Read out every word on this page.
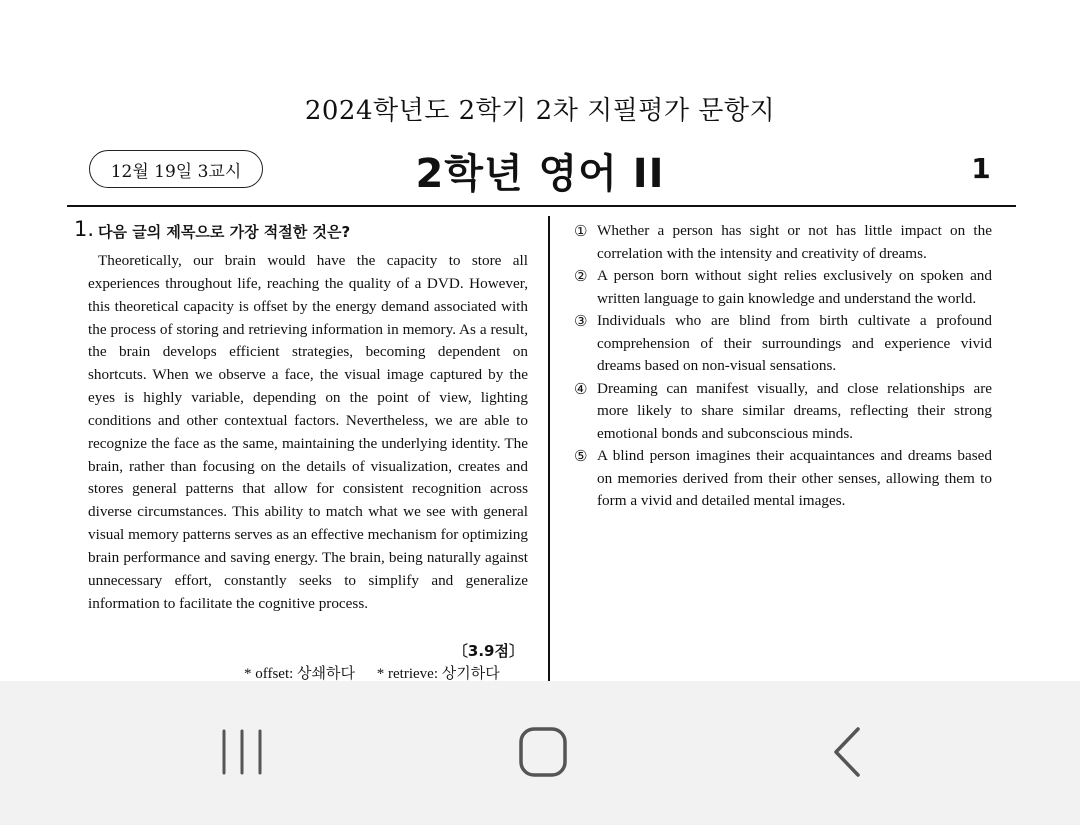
2024학년도 2학기 2차 지필평가 문항지
12월 19일 3교시	2학년 영어 II	1
1. 다음 글의 제목으로 가장 적절한 것은?
Theoretically, our brain would have the capacity to store all experiences throughout life, reaching the quality of a DVD. However, this theoretical capacity is offset by the energy demand associated with the process of storing and retrieving information in memory. As a result, the brain develops efficient strategies, becoming dependent on shortcuts. When we observe a face, the visual image captured by the eyes is highly variable, depending on the point of view, lighting conditions and other contextual factors. Nevertheless, we are able to recognize the face as the same, maintaining the underlying identity. The brain, rather than focusing on the details of visualization, creates and stores general patterns that allow for consistent recognition across diverse circumstances. This ability to match what we see with general visual memory patterns serves as an effective mechanism for optimizing brain performance and saving energy. The brain, being naturally against unnecessary effort, constantly seeks to simplify and generalize information to facilitate the cognitive process.
〔3.9점〕
* offset: 상쇄하다 * retrieve: 상기하다
① Whether a person has sight or not has little impact on the correlation with the intensity and creativity of dreams.
② A person born without sight relies exclusively on spoken and written language to gain knowledge and understand the world.
③ Individuals who are blind from birth cultivate a profound comprehension of their surroundings and experience vivid dreams based on non-visual sensations.
④ Dreaming can manifest visually, and close relationships are more likely to share similar dreams, reflecting their strong emotional bonds and subconscious minds.
⑤ A blind person imagines their acquaintances and dreams based on memories derived from their other senses, allowing them to form a vivid and detailed mental images.
